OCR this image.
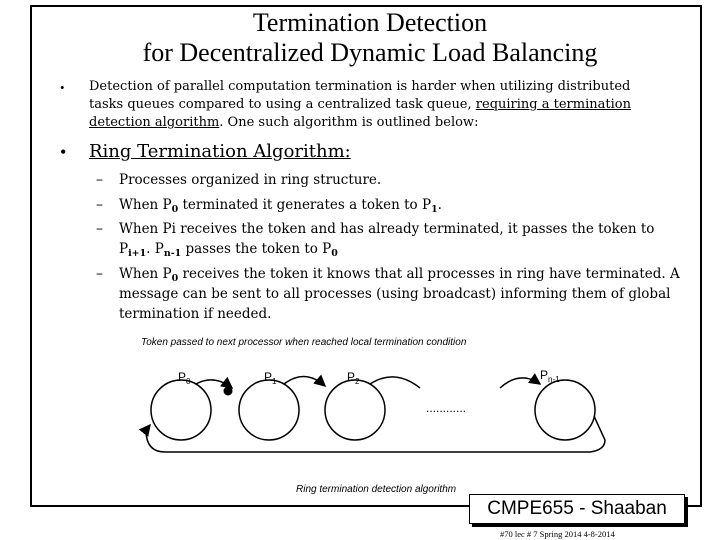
Termination Detection
for Decentralized Dynamic Load Balancing
• Detection of parallel computation termination is harder when utilizing distributed tasks queues compared to using a centralized task queue, requiring a termination detection algorithm. One such algorithm is outlined below:
• Ring Termination Algorithm:
– Processes organized in ring structure.
– When $P_0$ terminated it generates a token to $P_1$.
– When Pi receives the token and has already terminated, it passes the token to $P_{i+1}$. $P_{n-1}$ passes the token to $P_0$
– When $P_0$ receives the token it knows that all processes in ring have terminated. A message can be sent to all processes (using broadcast) informing them of global termination if needed.
Token passed to next processor when reached local termination condition
$P_0$	$P_1$	$P_2$	$P_{n-1}$
............
Ring termination detection algorithm
CMPE655 - Shaaban
#70 lec # 7 Spring 2014 4-8-2014
